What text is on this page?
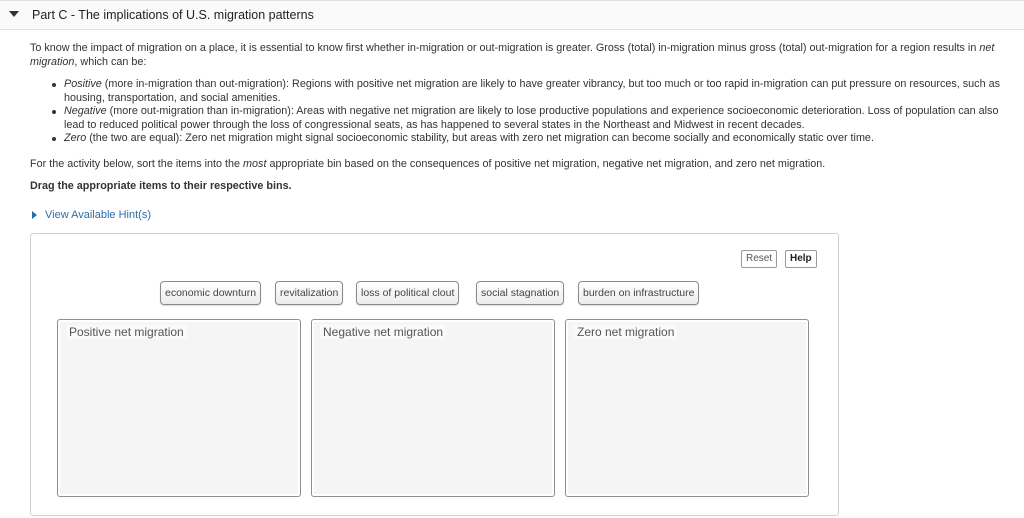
Part C - The implications of U.S. migration patterns

To know the impact of migration on a place, it is essential to know first whether in-migration or out-migration is greater. Gross (total) in-migration minus gross (total) out-migration for a region results in net migration, which can be:

Positive (more in-migration than out-migration): Regions with positive net migration are likely to have greater vibrancy, but too much or too rapid in-migration can put pressure on resources, such as housing, transportation, and social amenities.
Negative (more out-migration than in-migration): Areas with negative net migration are likely to lose productive populations and experience socioeconomic deterioration. Loss of population can also lead to reduced political power through the loss of congressional seats, as has happened to several states in the Northeast and Midwest in recent decades.
Zero (the two are equal): Zero net migration might signal socioeconomic stability, but areas with zero net migration can become socially and economically static over time.

For the activity below, sort the items into the most appropriate bin based on the consequences of positive net migration, negative net migration, and zero net migration.

Drag the appropriate items to their respective bins.

View Available Hint(s)
Reset	Help
economic downturn	revitalization	loss of political clout	social stagnation	burden on infrastructure
Positive net migration	Negative net migration	Zero net migration
